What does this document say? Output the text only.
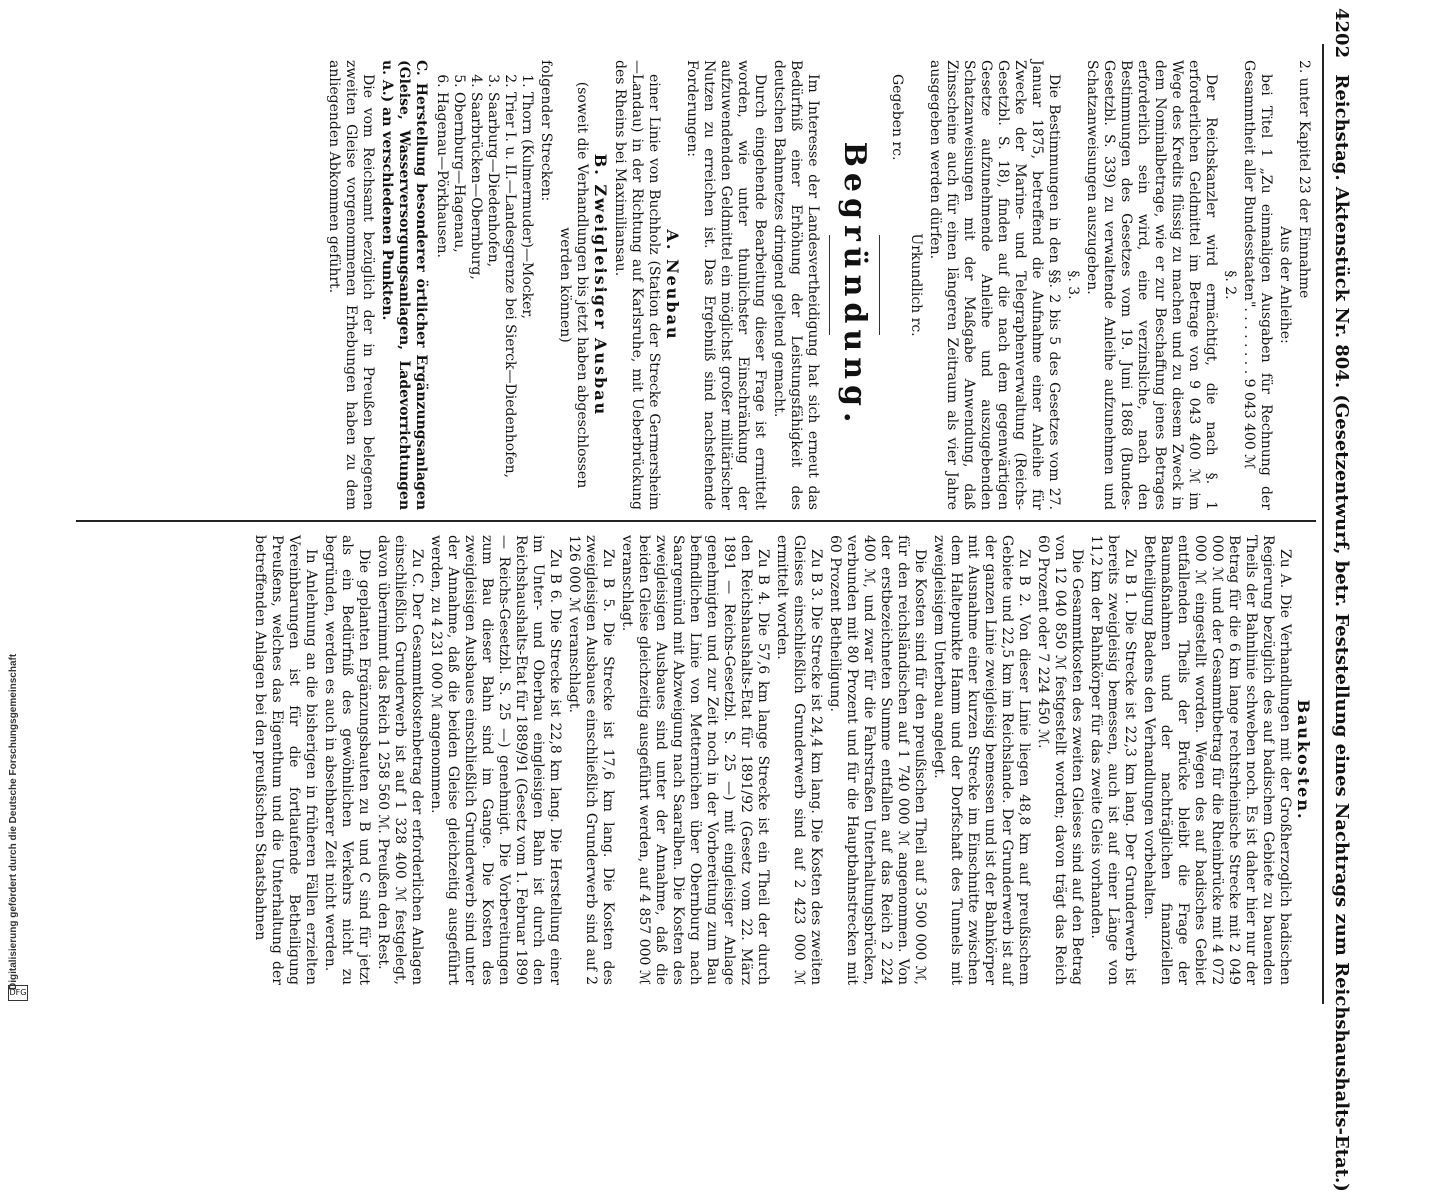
4202 Reichstag. Aktenstück Nr. 804. (Gesetzentwurf, betr. Feststellung eines Nachtrags zum Reichshaushalts-Etat.)

2. unter Kapitel 23 der Einnahme

Aus der Anleihe:

bei Titel 1 „Zu einmaligen Ausgaben für Rechnung der Gesammtheit aller Bundesstaaten". . . . . . . . 9 043 400 ℳ

§. 2.

Der Reichskanzler wird ermächtigt, die nach §. 1 erforderlichen Geldmittel im Betrage von 9 043 400 ℳ im Wege des Kredits flüssig zu machen und zu diesem Zweck in dem Nominalbetrage, wie er zur Beschaffung jenes Betrages erforderlich sein wird, eine verzinsliche, nach den Bestimmungen des Gesetzes vom 19. Juni 1868 (Bundes-Gesetzbl. S. 339) zu verwaltende Anleihe aufzunehmen und Schatzanweisungen auszugeben.

§. 3.

Die Bestimmungen in den §§. 2 bis 5 des Gesetzes vom 27. Januar 1875, betreffend die Aufnahme einer Anleihe für Zwecke der Marine- und Telegraphenverwaltung (Reichs-Gesetzbl. S. 18), finden auf die nach dem gegenwärtigen Gesetze aufzunehmende Anleihe und auszugebenden Schatzanweisungen mit der Maßgabe Anwendung, daß Zinsscheine auch für einen längeren Zeitraum als vier Jahre ausgegeben werden dürfen.

Urkundlich rc.

Gegeben rc.

Begründung.

Im Interesse der Landesvertheidigung hat sich erneut das Bedürfniß einer Erhöhung der Leistungsfähigkeit des deutschen Bahnnetzes dringend geltend gemacht.

Durch eingehende Bearbeitung dieser Frage ist ermittelt worden, wie unter thunlichster Einschränkung der aufzuwendenden Geldmittel ein möglichst großer militärischer Nutzen zu erreichen ist. Das Ergebniß sind nachstehende Forderungen:

A. Neubau

einer Linie von Buchholz (Station der Strecke Germersheim—Landau) in der Richtung auf Karlsruhe, mit Ueberbrückung des Rheins bei Maximiliansau.

B. Zweigleisiger Ausbau

(soweit die Verhandlungen bis jetzt haben abgeschlossen werden können)

folgender Strecken:

1. Thorn (Kulmermuder)—Mocker,
2. Trier I. u. II.—Landesgrenze bei Sierck—Diedenhofen,
3. Saarburg—Diedenhofen,
4. Saarbrücken—Obernburg,
5. Obernburg—Hagenau,
6. Hagenau—Pörkhausen.

C. Herstellung besonderer örtlicher Ergänzungsanlagen (Gleise, Wasserversorgungsanlagen, Ladevorrichtungen u. A.) an verschiedenen Punkten.

Die vom Reichsamt bezüglich der in Preußen belegenen zweiten Gleise vorgenommenen Erhebungen haben zu dem anliegenden Abkommen geführt.

Baukosten.

Zu A. Die Verhandlungen mit der Großherzoglich badischen Regierung bezüglich des auf badischem Gebiete zu bauenden Theils der Bahnlinie schweben noch. Es ist daher hier nur der Betrag für die 6 km lange rechtsrheinische Strecke mit 2 049 000 ℳ und der Gesammtbetrag für die Rheinbrücke mit 4 072 000 ℳ eingestellt worden. Wegen des auf badisches Gebiet entfallenden Theils der Brücke bleibt die Frage der Baumaßnahmen und der nachträglichen finanziellen Betheiligung Badens den Verhandlungen vorbehalten.

Zu B 1. Die Strecke ist 22,3 km lang. Der Grunderwerb ist bereits zweigleisig bemessen, auch ist auf einer Länge von 11,2 km der Bahnkörper für das zweite Gleis vorhanden.

Die Gesammtkosten des zweiten Gleises sind auf den Betrag von 12 040 850 ℳ festgestellt worden; davon trägt das Reich 60 Prozent oder 7 224 450 ℳ.

Zu B 2. Von dieser Linie liegen 48,8 km auf preußischem Gebiete und 22,5 km im Reichslande. Der Grunderwerb ist auf der ganzen Linie zweigleisig bemessen und ist der Bahnkörper mit Ausnahme einer kurzen Strecke im Einschnitte zwischen dem Haltepunkte Hamm und der Dorfschaft des Tunnels mit zweigleisigem Unterbau angelegt.

Die Kosten sind für den preußischen Theil auf 3 500 000 ℳ, für den reichsländischen auf 1 740 000 ℳ angenommen. Von der erstbezeichneten Summe entfallen auf das Reich 2 224 400 ℳ, und zwar für die Fahrstraßen Unterhaltungsbrücken, verbunden mit 80 Prozent und für die Hauptbahnstrecken mit 60 Prozent Betheiligung.

Zu B 3. Die Strecke ist 24,4 km lang. Die Kosten des zweiten Gleises einschließlich Grunderwerb sind auf 2 423 000 ℳ ermittelt worden.

Zu B 4. Die 57,6 km lange Strecke ist ein Theil der durch den Reichshaushalts-Etat für 1891/92 (Gesetz vom 22. März 1891 — Reichs-Gesetzbl. S. 25 —) mit eingleisiger Anlage genehmigten und zur Zeit noch in der Vorbereitung zum Bau befindlichen Linie von Metternichen über Obernburg nach Saargemünd mit Abzweigung nach Saaralben. Die Kosten des zweigleisigen Ausbaues sind unter der Annahme, daß die beiden Gleise gleichzeitig ausgeführt werden, auf 4 857 000 ℳ veranschlagt.

Zu B 5. Die Strecke ist 17,6 km lang. Die Kosten des zweigleisigen Ausbaues einschließlich Grunderwerb sind auf 2 126 000 ℳ veranschlagt.

Zu B 6. Die Strecke ist 22,8 km lang. Die Herstellung einer im Unter- und Oberbau eingleisigen Bahn ist durch den Reichshaushalts-Etat für 1889/91 (Gesetz vom 1. Februar 1890 — Reichs-Gesetzbl. S. 25 —) genehmigt. Die Vorbereitungen zum Bau dieser Bahn sind im Gange. Die Kosten des zweigleisigen Ausbaues einschließlich Grunderwerb sind unter der Annahme, daß die beiden Gleise gleichzeitig ausgeführt werden, zu 4 231 000 ℳ angenommen.

Zu C. Der Gesammtkostenbetrag der erforderlichen Anlagen einschließlich Grunderwerb ist auf 1 328 400 ℳ festgelegt, davon übernimmt das Reich 1 258 560 ℳ. Preußen den Rest.

Die geplanten Ergänzungsbauten zu B und C sind für jetzt als ein Bedürfniß des gewöhnlichen Verkehrs nicht zu begründen, werden es auch in absehbarer Zeit nicht werden.

In Anlehnung an die bisherigen in früheren Fällen erzielten Vereinbarungen ist für die fortlaufende Betheiligung Preußens, welches das Eigenthum und die Unterhaltung der betreffenden Anlagen bei den preußischen Staatsbahnen

DFG
Digitalisierung gefördert durch die Deutsche Forschungsgemeinschaft
